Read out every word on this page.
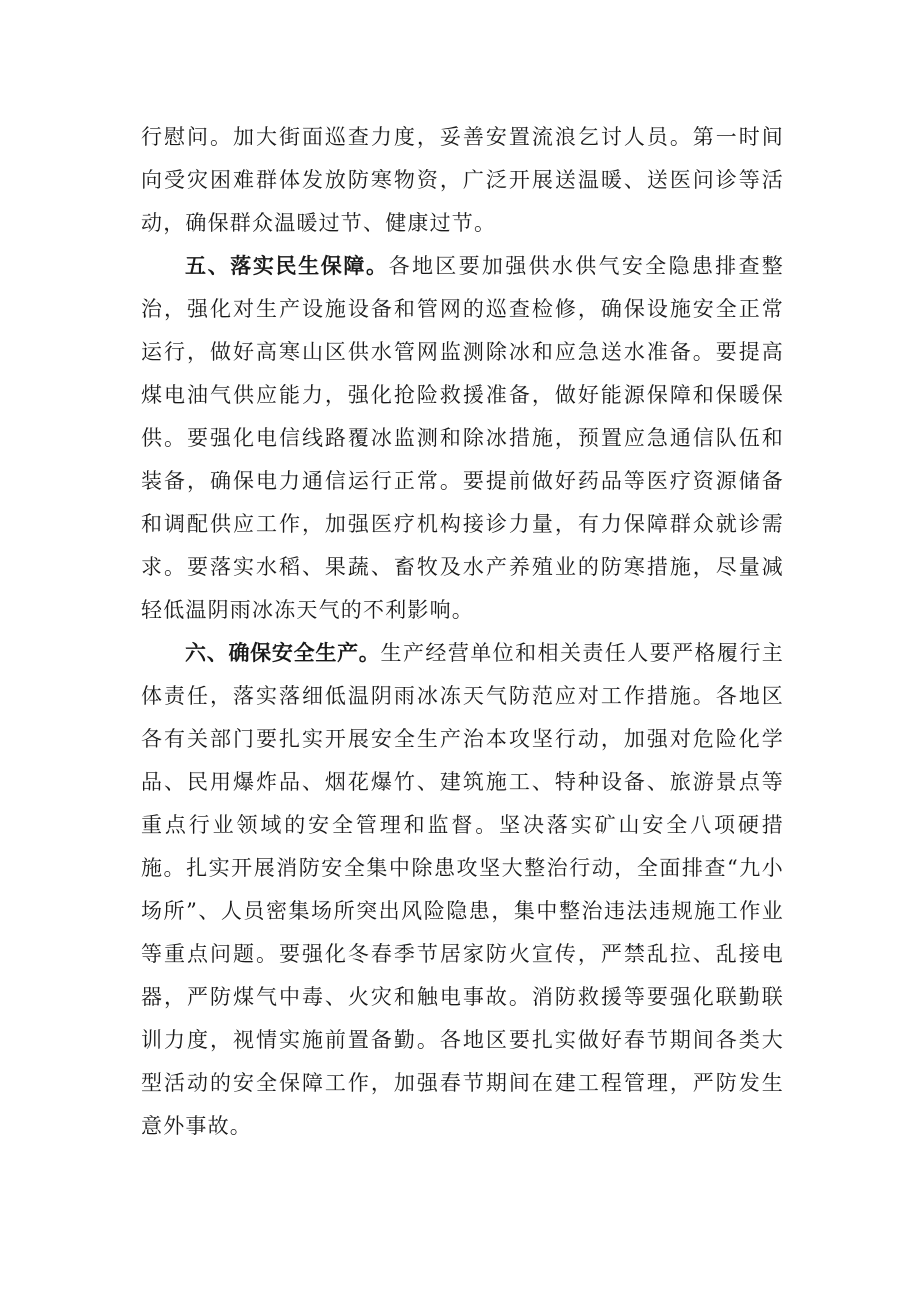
行慰问。加大街面巡查力度，妥善安置流浪乞讨人员。第一时间向受灾困难群体发放防寒物资，广泛开展送温暖、送医问诊等活动，确保群众温暖过节、健康过节。

五、落实民生保障。各地区要加强供水供气安全隐患排查整治，强化对生产设施设备和管网的巡查检修，确保设施安全正常运行，做好高寒山区供水管网监测除冰和应急送水准备。要提高煤电油气供应能力，强化抢险救援准备，做好能源保障和保暖保供。要强化电信线路覆冰监测和除冰措施，预置应急通信队伍和装备，确保电力通信运行正常。要提前做好药品等医疗资源储备和调配供应工作，加强医疗机构接诊力量，有力保障群众就诊需求。要落实水稻、果蔬、畜牧及水产养殖业的防寒措施，尽量减轻低温阴雨冰冻天气的不利影响。

六、确保安全生产。生产经营单位和相关责任人要严格履行主体责任，落实落细低温阴雨冰冻天气防范应对工作措施。各地区各有关部门要扎实开展安全生产治本攻坚行动，加强对危险化学品、民用爆炸品、烟花爆竹、建筑施工、特种设备、旅游景点等重点行业领域的安全管理和监督。坚决落实矿山安全八项硬措施。扎实开展消防安全集中除患攻坚大整治行动，全面排查“九小场所”、人员密集场所突出风险隐患，集中整治违法违规施工作业等重点问题。要强化冬春季节居家防火宣传，严禁乱拉、乱接电器，严防煤气中毒、火灾和触电事故。消防救援等要强化联勤联训力度，视情实施前置备勤。各地区要扎实做好春节期间各类大型活动的安全保障工作，加强春节期间在建工程管理，严防发生意外事故。
